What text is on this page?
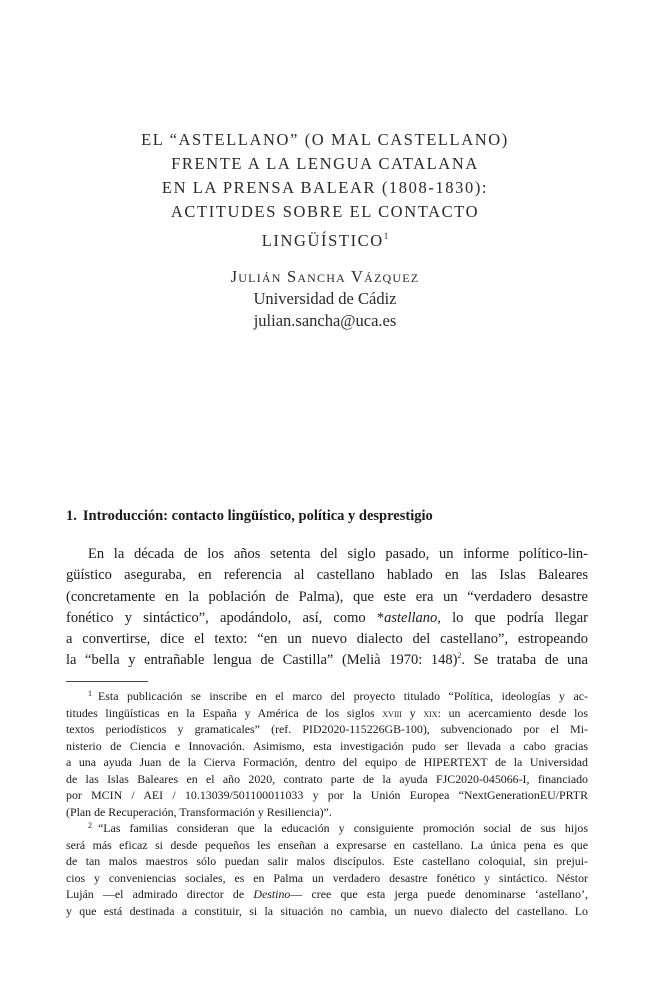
EL “ASTELLANO” (O MAL CASTELLANO)
FRENTE A LA LENGUA CATALANA
EN LA PRENSA BALEAR (1808-1830):
ACTITUDES SOBRE EL CONTACTO
LINGÜÍSTICO$^1$
Julián Sancha Vázquez
Universidad de Cádiz
julian.sancha@uca.es
1. Introducción: contacto lingüístico, política y desprestigio
En la década de los años setenta del siglo pasado, un informe político-lin-
güístico aseguraba, en referencia al castellano hablado en las Islas Baleares
(concretamente en la población de Palma), que este era un “verdadero desastre
fonético y sintáctico”, apodándolo, así, como *astellano, lo que podría llegar
a convertirse, dice el texto: “en un nuevo dialecto del castellano”, estropeando
la “bella y entrañable lengua de Castilla” (Melià 1970: 148)$^2$. Se trataba de una
$^1$ Esta publicación se inscribe en el marco del proyecto titulado “Política, ideologías y ac-
titudes lingüísticas en la España y América de los siglos xviii y xix: un acercamiento desde los
textos periodísticos y gramaticales” (ref. PID2020-115226GB-100), subvencionado por el Mi-
nisterio de Ciencia e Innovación. Asimismo, esta investigación pudo ser llevada a cabo gracias
a una ayuda Juan de la Cierva Formación, dentro del equipo de HIPERTEXT de la Universidad
de las Islas Baleares en el año 2020, contrato parte de la ayuda FJC2020-045066-I, financiado
por MCIN / AEI / 10.13039/501100011033 y por la Unión Europea “NextGenerationEU/PRTR
(Plan de Recuperación, Transformación y Resiliencia)”.
$^2$ “Las familias consideran que la educación y consiguiente promoción social de sus hijos
será más eficaz si desde pequeños les enseñan a expresarse en castellano. La única pena es que
de tan malos maestros sólo puedan salir malos discípulos. Este castellano coloquial, sin prejui-
cios y conveniencias sociales, es en Palma un verdadero desastre fonético y sintáctico. Néstor
Luján —el admirado director de Destino— cree que esta jerga puede denominarse ‘astellano’,
y que está destinada a constituir, si la situación no cambia, un nuevo dialecto del castellano. Lo
